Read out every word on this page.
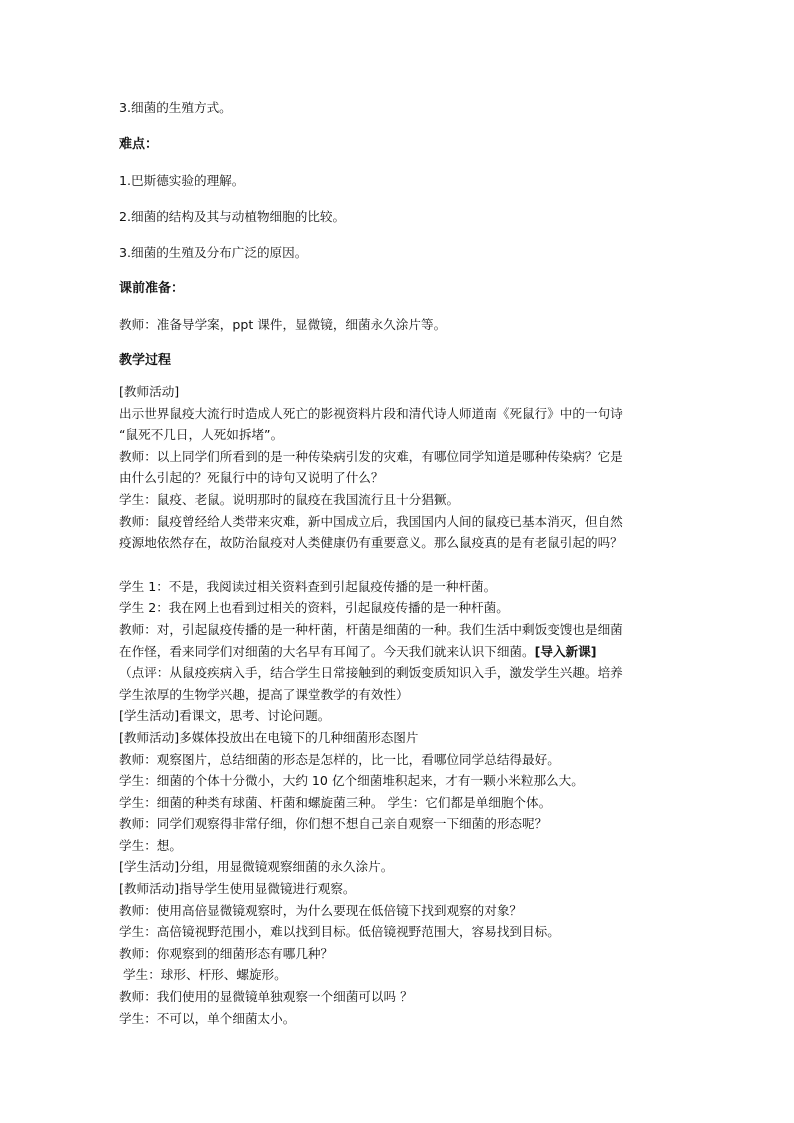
3.细菌的生殖方式。

难点：

1.巴斯德实验的理解。

2.细菌的结构及其与动植物细胞的比较。

3.细菌的生殖及分布广泛的原因。

课前准备：

教师：准备导学案，ppt 课件，显微镜，细菌永久涂片等。

教学过程

[教师活动]
出示世界鼠疫大流行时造成人死亡的影视资料片段和清代诗人师道南《死鼠行》中的一句诗
“鼠死不几日，人死如拆堵”。
教师：以上同学们所看到的是一种传染病引发的灾难，有哪位同学知道是哪种传染病？它是
由什么引起的？死鼠行中的诗句又说明了什么？
学生：鼠疫、老鼠。说明那时的鼠疫在我国流行且十分猖獗。
教师：鼠疫曾经给人类带来灾难，新中国成立后，我国国内人间的鼠疫已基本消灭，但自然
疫源地依然存在，故防治鼠疫对人类健康仍有重要意义。那么鼠疫真的是有老鼠引起的吗？
学生 1：不是，我阅读过相关资料查到引起鼠疫传播的是一种杆菌。
学生 2：我在网上也看到过相关的资料，引起鼠疫传播的是一种杆菌。
教师：对，引起鼠疫传播的是一种杆菌，杆菌是细菌的一种。我们生活中剩饭变馊也是细菌
在作怪，看来同学们对细菌的大名早有耳闻了。今天我们就来认识下细菌。[导入新课]
（点评：从鼠疫疾病入手，结合学生日常接触到的剩饭变质知识入手，激发学生兴趣。培养
学生浓厚的生物学兴趣，提高了课堂教学的有效性）
[学生活动]看课文，思考、讨论问题。
[教师活动]多媒体投放出在电镜下的几种细菌形态图片
教师：观察图片，总结细菌的形态是怎样的，比一比，看哪位同学总结得最好。
学生：细菌的个体十分微小，大约 10 亿个细菌堆积起来，才有一颗小米粒那么大。
学生：细菌的种类有球菌、杆菌和螺旋菌三种。 学生：它们都是单细胞个体。
教师：同学们观察得非常仔细，你们想不想自己亲自观察一下细菌的形态呢？
学生：想。
[学生活动]分组，用显微镜观察细菌的永久涂片。
[教师活动]指导学生使用显微镜进行观察。
教师：使用高倍显微镜观察时，为什么要现在低倍镜下找到观察的对象？
学生：高倍镜视野范围小，难以找到目标。低倍镜视野范围大，容易找到目标。
教师：你观察到的细菌形态有哪几种？
学生：球形、杆形、螺旋形。
教师：我们使用的显微镜单独观察一个细菌可以吗 ？
学生：不可以，单个细菌太小。
